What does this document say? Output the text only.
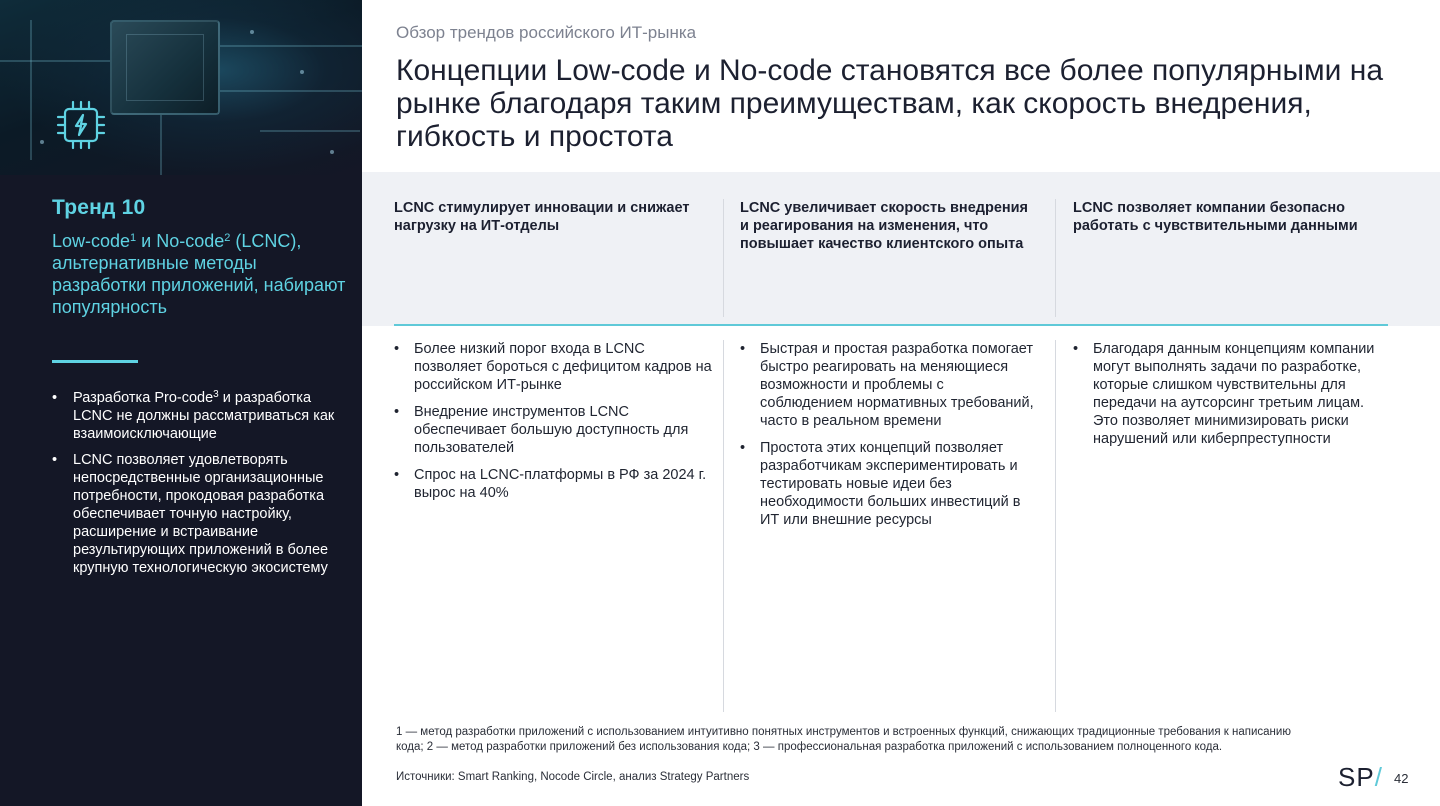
Тренд 10
Low-code$^1$ и No-code$^2$ (LCNC), альтернативные методы разработки приложений, набирают популярность
• Разработка Pro-code$^3$ и разработка LCNC не должны рассматриваться как взаимоисключающие
• LCNC позволяет удовлетворять непосредственные организационные потребности, прокодовая разработка обеспечивает точную настройку, расширение и встраивание результирующих приложений в более крупную технологическую экосистему
Обзор трендов российского ИТ-рынка
Концепции Low-code и No-code становятся все более популярными на рынке благодаря таким преимуществам, как скорость внедрения, гибкость и простота
LCNC стимулирует инновации и снижает нагрузку на ИТ-отделы
LCNC увеличивает скорость внедрения и реагирования на изменения, что повышает качество клиентского опыта
LCNC позволяет компании безопасно работать с чувствительными данными
• Более низкий порог входа в LCNC позволяет бороться с дефицитом кадров на российском ИТ-рынке
• Внедрение инструментов LCNC обеспечивает большую доступность для пользователей
• Спрос на LCNC-платформы в РФ за 2024 г. вырос на 40%
• Быстрая и простая разработка помогает быстро реагировать на меняющиеся возможности и проблемы с соблюдением нормативных требований, часто в реальном времени
• Простота этих концепций позволяет разработчикам экспериментировать и тестировать новые идеи без необходимости больших инвестиций в ИТ или внешние ресурсы
• Благодаря данным концепциям компании могут выполнять задачи по разработке, которые слишком чувствительны для передачи на аутсорсинг третьим лицам. Это позволяет минимизировать риски нарушений или киберпреступности
1 — метод разработки приложений с использованием интуитивно понятных инструментов и встроенных функций, снижающих традиционные требования к написанию кода; 2 — метод разработки приложений без использования кода; 3 — профессиональная разработка приложений с использованием полноценного кода.
Источники: Smart Ranking, Nocode Circle, анализ Strategy Partners	SP/ 42
